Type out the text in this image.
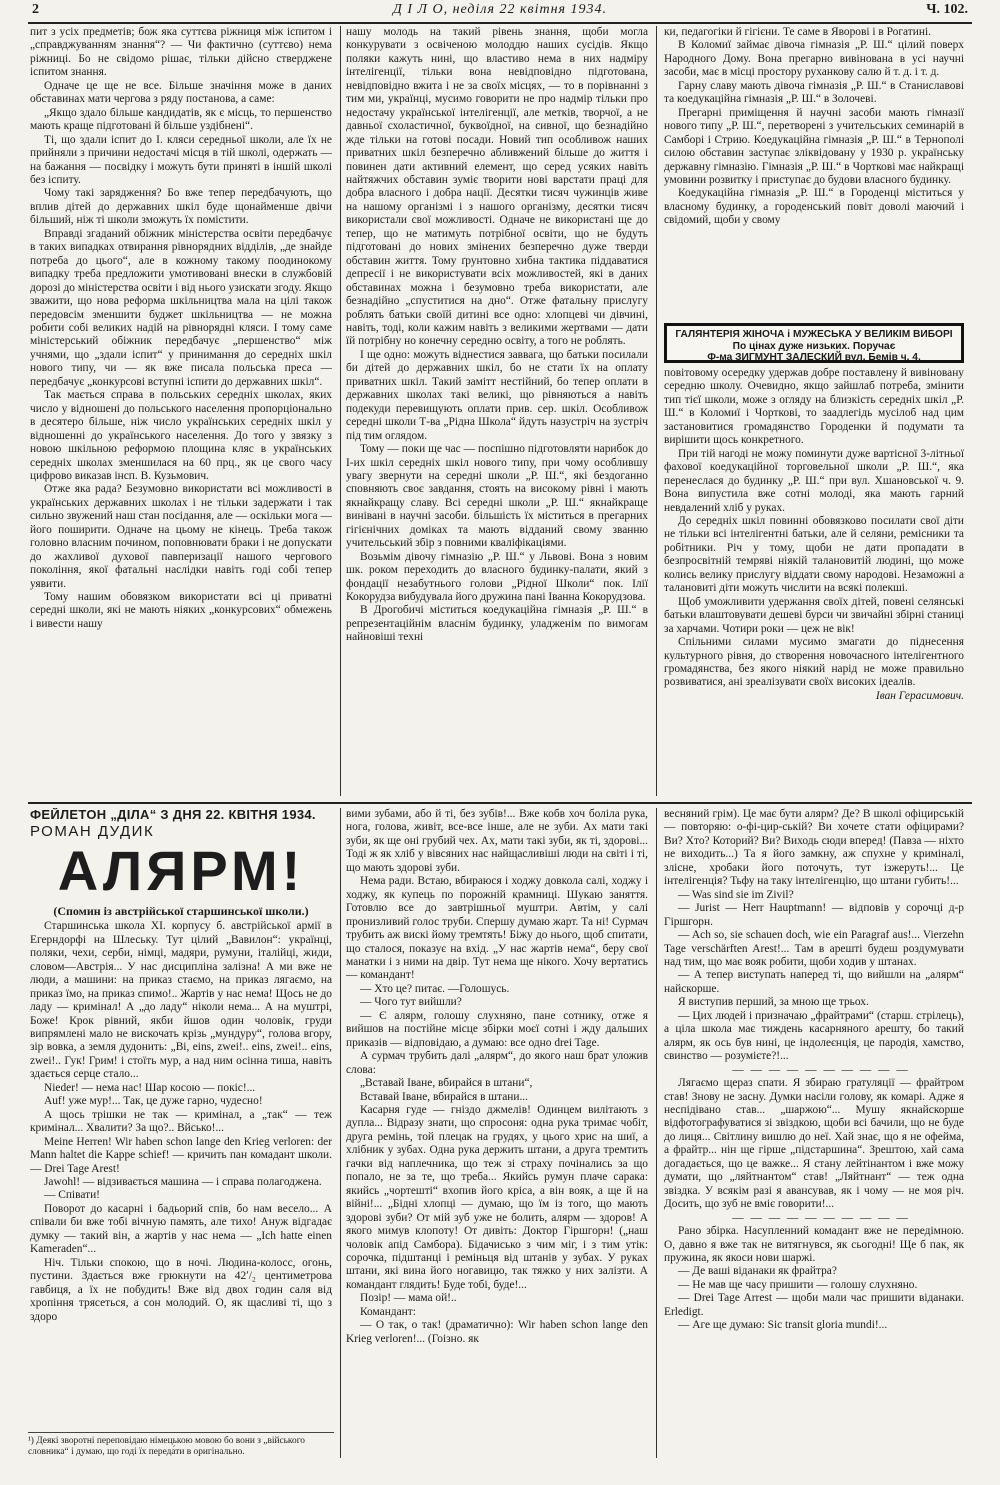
2	Д І Л О, неділя 22 квітня 1934.	Ч. 102.

пит з усіх предметів; бож яка суттєва ріжниця між іспитом і „справджуванням знання“? — Чи фактично (суттєво) нема ріжниці. Бо не свідомо рішає, тільки дійсно стверджене іспитом знання.

Одначе це ще не все. Більше значіння може в даних обставинах мати чергова з ряду постанова, а саме:

„Якщо здало більше кандидатів, як є місць, то першенство мають краще підготовані й більше уздібнені“.

Ті, що здали іспит до І. кляси середньої школи, але їх не прийняли з причини недостачі місця в тій школі, одержать — на бажання — посвідку і можуть бути приняті в іншій школі без іспиту.

Чому такі зарядження? Бо вже тепер передбачують, що вплив дітей до державних шкіл буде щонайменше двічи більший, ніж ті школи зможуть їх помістити.

Вправді згаданий обіжник міністерства освіти передбачує в таких випадках отвирання рівнорядних відділів, „де знайде потреба до цього“, але в кожному такому поодинокому випадку треба предложити умотивовані внески в службовій дорозі до міністерства освіти і від нього узискати згоду. Якщо зважити, що нова реформа шкільництва мала на цілі також передовсім зменшити буджет шкільництва — не можна робити собі великих надій на рівнорядні кляси. І тому саме міністерський обіжник передбачує „першенство“ між учнями, що „здали іспит“ у принимання до середніх шкіл нового типу, чи — як вже писала польська преса — передбачує „конкурсові вступні іспити до державних шкіл“.

Так мається справа в польських середніх школах, яких число у відношені до польського населення пропорціонально в десятеро більше, ніж число українських середніх шкіл у відношенні до українського населення. До того у звязку з новою шкільною реформою площина кляс в українських середніх школах зменшилася на 60 прц., як це свого часу цифрово виказав інсп. В. Кузьмович.

Отже яка рада? Безумовно використати всі можливості в українських державних школах і не тільки задержати і так сильно звужений наш стан посідання, але — оскільки мога — його поширити. Одначе на цьому не кінець. Треба також головно власним почином, поповнювати браки і не допускати до жахливої духової павперизації нашого чергового покоління, якої фатальні наслідки навіть годі собі тепер уявити.

Тому нашим обовязком використати всі ці приватні середні школи, які не мають ніяких „конкурсових“ обмежень і вивести нашу

нашу молодь на такий рівень знання, щоби могла конкурувати з освіченою молоддю наших сусідів. Якщо поляки кажуть нині, що властиво нема в них надміру інтелігенції, тільки вона невідповідно підготована, невідповідно вжита і не за своїх місцях, — то в порівнанні з тим ми, українці, мусимо говорити не про надмір тільки про недостачу української інтелігенції, але метків, творчої, а не давньої схоластичної, буквоїдної, на сивної, що безнадійно жде тільки на готові посади. Новий тип особливож наших приватних шкіл безперечно абливжений більше до життя і повинен дати активний елемент, що серед усяких навіть найтяжчих обставин зуміє творити нові варстати праці для добра власного і добра нації. Десятки тисяч чужинців живе на нашому організмі і з нашого організму, десятки тисяч використали свої можливості. Одначе не використані ще до тепер, що не матимуть потрібної освіти, що не будуть підготовані до нових змінених безперечно дуже тверди обставин життя. Тому ґрунтовно хибна тактика піддаватися депресії і не використувати всіх можливостей, які в даних обставинах можна і безумовно треба використати, але безнадійно „спуститися на дно“. Отже фатальну прислугу роблять батьки своїй дитині все одно: хлопцеві чи дівчині, навіть, тоді, коли кажим навіть з великими жертвами — дати їй потрібну но конечну середню освіту, а того не роблять.

І ще одно: можуть віднестися заввага, що батьки посилали би дітей до державних шкіл, бо не стати їх на оплату приватних шкіл. Такий замітт нестійний, бо тепер оплати в державних школах такі великі, що рівняються а навіть подекуди перевищують оплати прив. сер. шкіл. Особливож середні школи Т-ва „Рідна Школа“ йдуть назустріч на зустріч під тим оглядом.

Тому — поки ще час — поспішно підготовляти нарибок до І-их шкіл середніх шкіл нового типу, при чому особлившу увагу звернути на середні школи „Р. Ш.“, які бездоганно сповняють своє завдання, стоять на високому рівні і мають якнайкращу славу. Всі середні школи „Р. Ш.“ якнайкраще винівані в научні засоби. більшість їх міститься в прегарних гігієнічних доміках та мають відданий свому званню учительський збір з повними кваліфікаціями.

Возьмім дівочу гімназію „Р. Ш.“ у Львові. Вона з новим шк. роком переходить до власного будинку-палати, який з фондації незабутнього голови „Рідної Школи“ пок. Ілії Кокорудза вибудувала його дружина пані Іванна Кокорудзова.

В Дрогобичі міститься коедукаційна гімназія „Р. Ш.“ в репрезентаційнім власнім будинку, уладженім по вимогам найновіші техні

ки, педагогіки й гігієни. Те саме в Яворові і в Рогатині.

В Коломиї займає дівоча гімназія „Р. Ш.“ цілий поверх Народного Дому. Вона прегарно вивінована в усі научні засоби, має в місці простору руханкову салю й т. д. і т. д.

Гарну славу мають дівоча гімназія „Р. Ш.“ в Станиславові та коедукаційна гімназія „Р. Ш.“ в Золочеві.

Прегарні приміщення й научні засоби мають гімназії нового типу „Р. Ш.“, перетворені з учительських семинарій в Самборі і Стрию. Коедукаційна гімназія „Р. Ш.“ в Тернополі силою обставин заступає зліквідовану у 1930 р. українську державну гімназію. Гімназія „Р. Ш.“ в Чорткові має найкращі умовини розвитку і приступає до будови власного будинку.

Коедукаційна гімназія „Р. Ш.“ в Городенці міститься у власному будинку, а городенський повіт доволі маючий і свідомий, щоби у свому

ГАЛЯНТЕРІЯ ЖІНОЧА і МУЖЕСЬКА У ВЕЛИКІМ ВИБОРІ По цінах дуже низьких. Поручає
Ф-ма ЗИГМУНТ ЗАЛЕСКИЙ вул. Бемів ч. 4.

повітовому осередку удержав добре поставлену й вивіновану середню школу. Очевидно, якщо зайшлаб потреба, змінити тип тієї школи, може з огляду на близкість середніх шкіл „Р. Ш.“ в Коломиї і Чорткові, то заадлегідь мусілоб над цим застановитися громадянство Городенки й подумати та вирішити щось конкретного.

При тій нагоді не можу поминути дуже вартісної 3-літньої фахової коедукаційної торговельної школи „Р. Ш.“, яка перенеслася до будинку „Р. Ш.“ при вул. Хшановської ч. 9. Вона випустила вже сотні молоді, яка мають гарний невдалений хліб у руках.

До середніх шкіл повинні обовязково посилати свої діти не тільки всі інтелігентні батьки, але й селяни, ремісники та робітники. Річ у тому, щоби не дати пропадати в безпросвітній темряві ніякій талановитій людині, що може колись велику прислугу віддати свому народові. Незаможні а талановиті діти можуть числити на всякі полекші.

Щоб уможливити удержання своїх дітей, повені селянські батьки влаштовувати дешеві бурси чи звичайні збірні станиці за харчами. Чотири роки — цеж не вік!

Спільними силами мусимо змагати до піднесення культурного рівня, до створення новочасного інтелігентного громадянства, без якого ніякий нарід не може правильно розвиватися, ані зреалізувати своїх високих ідеалів.

Іван Герасимович.

ФЕЙЛЕТОН „ДІЛА“ З ДНЯ 22. КВІТНЯ 1934.
РОМАН ДУДИК
АЛЯРМ!
(Спомин із австрійської старшинської школи.)

Старшинська школа ХІ. корпусу б. австрійської армії в Егерндорфі на Шлеську. Тут цілий „Вавилон“: українці, поляки, чехи, серби, німці, мадяри, румуни, італійці, жиди, словом—Австрія... У нас дисципліна залізна! А ми вже не люди, а машини: на приказ стаємо, на приказ лягаємо, на приказ їмо, на приказ спимо!.. Жартів у нас нема! Щось не до ладу — кримінал! А „до ладу“ ніколи нема... А на муштрі, Боже! Крок рівний, якби йшов один чоловік, груди випрямлені мало не вискочать крізь „мундуру“, голова вгору, зір вовка, а земля дудонить: „Ві, eins, zwei!.. eins, zwei!.. eins, zwei!.. Гук! Грим! і стоїть мур, а над ним осінна тиша, навіть здається серце стало...

Nieder! — нема нас! Шар косою — покіс!...

Auf! уже мур!... Так, це дуже гарно, чудесно!

А щось трішки не так — кримінал, а „так“ — теж кримінал... Хвалити? За що?.. Вйсько!...

Meine Herren! Wir haben schon lange den Krieg verloren: der Mann haltet die Kappe schief! — кричить пан комадант школи. — Drei Tage Arest!

Jawohl! — відзивається машина — і справа полагоджена.

— Співати!

Поворот до касарні і бадьорий спів, бо нам весело... А співали би вже тобі вічную память, але тихо! Ануж відгадає думку — такий він, а жартів у нас нема — „Ich hatte einen Kameraden“...

Ніч. Тільки спокою, що в ночі. Людина-колосс, огонь, пустини. Здається вже грюкнути на 42ʹ/₂ центиметрова гавбиця, а їх не побудить! Вже від двох годин саля від хропіння трясеться, а сон молодий. О, як щасливі ті, що з здоро

вими зубами, або й ті, без зубів!... Вже кобв хоч боліла рука, нога, голова, живіт, все-все інше, але не зуби. Ах мати такі зуби, як ще оні грубий чех. Ах, мати такі зуби, як ті, здорові... Тоді ж як хліб у вівсяних нас найщасливіші люди на світі і ті, що мають здорові зуби.

Нема ради. Встаю, вбираюся і ходжу довкола салі, ходжу і ходжу, як купець по порожній крамниці. Шукаю заняття. Готовлю все до завтрішньої муштри. Автім, у салі пронизливий голос труби. Спершу думаю жарт. Та ні! Сурмач трубить аж вискі йому тремтять! Біжу до нього, щоб спитати, що сталося, показує на вхід. „У нас жартів нема“, беру свої манатки і з ними на двір. Тут нема ще нікого. Хочу вертатись — командант!

— Хто це? питає. —Голошусь.

— Чого тут вийшли?

— Є алярм, голошу слухняно, пане сотнику, отже я вийшов на постійне місце збірки моєї сотні і жду дальших приказів — відповідаю, а думаю: все одно drei Tage.

А сурмач трубить далі „алярм“, до якого наш брат уложив слова:

„Вставай Іване, вбирайся в штани“,

Вставай Іване, вбирайся в штани...

Касарня гуде — гніздо джмелів! Одинцем вилітають з дупла... Відразу знати, що спросоня: одна рука тримає чобіт, друга ремінь, той плецак на грудях, у цього хрис на шиї, а хлібник у зубах. Одна рука держить штани, а друга тремтить гачки від наплечника, що теж зі страху почінались за що попало, не за те, що треба... Якийсь румун плаче сарака: якийсь „чортешті“ вхопив його кріса, а він вояк, а ще й на війні!... „Бідні хлопці — думаю, що їм із того, що мають здорові зуби? От мій зуб уже не болить, алярм — здоров! А якого мимув клопоту! От дивіть: Доктор Гіршгорн! („наш чоловік апід Самбора). Бідачисько з чим міг, і з тим утік: сорочка, підштанці і реміньця від штанів у зубах. У руках штани, які вина його ногавицю, так тяжко у них залізти. А командант глядить! Буде тобі, буде!...

Позір! — мама ой!..

Командант:

— О так, о так! (драматично): Wir haben schon lange den Krieg verloren!... (Гоізно. як

весняний грім). Це має бути алярм? Де? В школі офіцирській — повторяю: о-фі-цир-ській? Ви хочете стати офіцирами? Ви? Хто? Которий? Ви? Виходь сюди вперед! (Павза — ніхто не виходить...) Та я його замкну, аж спухне у криміналі, злісне, хробаки його поточуть, тут ізжеруть!... Це інтелігенція? Тьфу на таку інтелігенцію, що штани губить!...

— Was sind sie im Zivil?

— Jurist — Herr Hauptmann! — відповів у сорочці д-р Гіршгорн.

— Ach so, sie schauen doch, wie ein Paragraf aus!... Vierzehn Tage verschärften Arest!... Там в арешті будеш роздумувати над тим, що має вояк робити, щоби ходив у штанах.

— А тепер виступать наперед ті, що вийшли на „алярм“ найскорше.

Я виступив перший, за мною ще трьох.

— Цих людей і призначаю „фрайтрами“ (старш. стрілець), а ціла школа має тиждень касарняного арешту, бо такий алярм, як ось був нині, це індолеєнція, це пародія, хамство, свинство — розумієте?!...

— — — — — — — — — —

Лягаємо щераз спати. Я збираю гратуляції — фрайтром став! Знову не засну. Думки насіли голову, як комарі. Адже я неспідівано став... „шаржою“... Мушу якнайскорше відфотографуватися зі звіздкою, щоби всі бачили, що не буде до лиця... Світлину вишлю до неї. Хай знає, що я не офейма, а фрайтр... нін ще гірше „підстаршина“. Зрештою, хай сама догадається, що це важке... Я стану лейтінантом і вже можу думати, що „ляйтнантом“ став! „Ляйтнант“ — теж одна звіздка. У всякім разі я авансував, як і чому — не моя річ. Досить, що зуб не вміє говорити!...

— — — — — — — — — —

Рано збірка. Насупленний комадант вже не передімною. О, давно я вже так не витягнувся, як сьогодні! Ще б пак, як пружина, як якоси нови шаржі.

— Де ваші віданаки як фрайтра?

— Не мав ще часу пришити — голошу слухняно.

— Drei Tage Arrest — щоби мали час пришити віданаки. Erledigt.

— Аге ще думаю: Sic transit gloria mundi!...

¹) Деякі зворотні переповідаю німецькою мовою бо вони з „війського словника“ і думаю, що годі їх переда́ти в оригінально.
